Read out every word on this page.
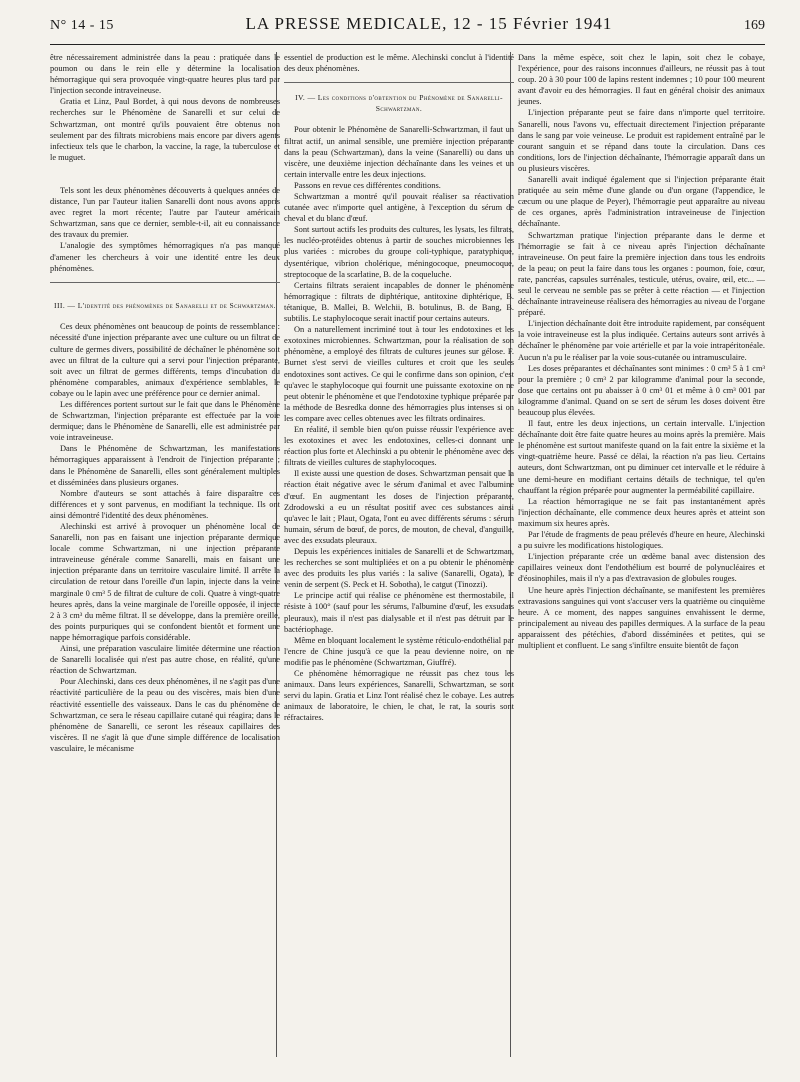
N° 14 - 15	LA PRESSE MEDICALE, 12 - 15 Février 1941	169

être nécessairement administrée dans la peau : pratiquée dans le poumon ou dans le rein elle y détermine la localisation hémorragique qui sera provoquée vingt-quatre heures plus tard par l'injection seconde intraveineuse.

Gratia et Linz, Paul Bordet, à qui nous devons de nombreuses recherches sur le Phénomène de Sanarelli et sur celui de Schwartzman, ont montré qu'ils pouvaient être obtenus non seulement par des filtrats microbiens mais encore par divers agents infectieux tels que le charbon, la vaccine, la rage, la tuberculose et le muguet.

Tels sont les deux phénomènes découverts à quelques années de distance, l'un par l'auteur italien Sanarelli dont nous avons appris avec regret la mort récente; l'autre par l'auteur américain Schwartzman, sans que ce dernier, semble-t-il, ait eu connaissance des travaux du premier.

L'analogie des symptômes hémorragiques n'a pas manqué d'amener les chercheurs à voir une identité entre les deux phénomènes.

III. — L'identité des phénomènes de Sanarelli et de Schwartzman.

Ces deux phénomènes ont beaucoup de points de ressemblance : nécessité d'une injection préparante avec une culture ou un filtrat de culture de germes divers, possibilité de déchaîner le phénomène soit avec un filtrat de la culture qui a servi pour l'injection préparante, soit avec un filtrat de germes différents, temps d'incubation du phénomène comparables, animaux d'expérience semblables, le cobaye ou le lapin avec une préférence pour ce dernier animal.

Les différences portent surtout sur le fait que dans le Phénomène de Schwartzman, l'injection préparante est effectuée par la voie dermique; dans le Phénomène de Sanarelli, elle est administrée par voie intraveineuse.

Dans le Phénomène de Schwartzman, les manifestations hémorragiques apparaissent à l'endroit de l'injection préparante ; dans le Phénomène de Sanarelli, elles sont généralement multiples et disséminées dans plusieurs organes.

Nombre d'auteurs se sont attachés à faire disparaître ces différences et y sont parvenus, en modifiant la technique. Ils ont ainsi démontré l'identité des deux phénomènes.

Alechinski est arrivé à provoquer un phénomène local de Sanarelli, non pas en faisant une injection préparante dermique locale comme Schwartzman, ni une injection préparante intraveineuse générale comme Sanarelli, mais en faisant une injection préparante dans un territoire vasculaire limité. Il arrête la circulation de retour dans l'oreille d'un lapin, injecte dans la veine marginale 0 cm³ 5 de filtrat de culture de coli. Quatre à vingt-quatre heures après, dans la veine marginale de l'oreille opposée, il injecte 2 à 3 cm³ du même filtrat. Il se développe, dans la première oreille, des points purpuriques qui se confondent bientôt et forment une nappe hémorragique parfois considérable.

Ainsi, une préparation vasculaire limitée détermine une réaction de Sanarelli localisée qui n'est pas autre chose, en réalité, qu'une réaction de Schwartzman.

Pour Alechinski, dans ces deux phénomènes, il ne s'agit pas d'une réactivité particulière de la peau ou des viscères, mais bien d'une réactivité essentielle des vaisseaux. Dans le cas du phénomène de Schwartzman, ce sera le réseau capillaire cutané qui réagira; dans le phénomène de Sanarelli, ce seront les réseaux capillaires des viscères. Il ne s'agit là que d'une simple différence de localisation vasculaire, le mécanisme

essentiel de production est le même. Alechinski conclut à l'identité des deux phénomènes.

IV. — Les conditions d'obtention du Phénomène de Sanarelli-Schwartzman.

Pour obtenir le Phénomène de Sanarelli-Schwartzman, il faut un filtrat actif, un animal sensible, une première injection préparante dans la peau (Schwartzman), dans la veine (Sanarelli) ou dans un viscère, une deuxième injection déchaînante dans les veines et un certain intervalle entre les deux injections.

Passons en revue ces différentes conditions.

Schwartzman a montré qu'il pouvait réaliser sa réactivation cutanée avec n'importe quel antigène, à l'exception du sérum de cheval et du blanc d'œuf.

Sont surtout actifs les produits des cultures, les lysats, les filtrats, les nucléo-protéides obtenus à partir de souches microbiennes les plus variées : microbes du groupe coli-typhique, paratyphique, dysentérique, vibrion cholérique, méningocoque, pneumocoque, streptocoque de la scarlatine, B. de la coqueluche.

Certains filtrats seraient incapables de donner le phénomène hémorragique : filtrats de diphtérique, antitoxine diphtérique, B. tétanique, B. Mallei, B. Welchii, B. botulinus, B. de Bang, B. subtilis. Le staphylocoque serait inactif pour certains auteurs.

On a naturellement incriminé tout à tour les endotoxines et les exotoxines microbiennes. Schwartzman, pour la réalisation de son phénomène, a employé des filtrats de cultures jeunes sur gélose. F. Burnet s'est servi de vieilles cultures et croit que les seules endotoxines sont actives. Ce qui le confirme dans son opinion, c'est qu'avec le staphylocoque qui fournit une puissante exotoxine on ne peut obtenir le phénomène et que l'endotoxine typhique préparée par la méthode de Besredka donne des hémorragies plus intenses si on les compare avec celles obtenues avec les filtrats ordinaires.

En réalité, il semble bien qu'on puisse réussir l'expérience avec les exotoxines et avec les endotoxines, celles-ci donnant une réaction plus forte et Alechinski a pu obtenir le phénomène avec des filtrats de vieilles cultures de staphylocoques.

Il existe aussi une question de doses. Schwartzman pensait que la réaction était négative avec le sérum d'animal et avec l'albumine d'œuf. En augmentant les doses de l'injection préparante, Zdrodowski a eu un résultat positif avec ces substances ainsi qu'avec le lait ; Plaut, Ogata, l'ont eu avec différents sérums : sérum humain, sérum de bœuf, de porcs, de mouton, de cheval, d'anguille, avec des exsudats pleuraux.

Depuis les expériences initiales de Sanarelli et de Schwartzman, les recherches se sont multipliées et on a pu obtenir le phénomène avec des produits les plus variés : la salive (Sanarelli, Ogata), le venin de serpent (S. Peck et H. Sobotha), le catgut (Tinozzi).

Le principe actif qui réalise ce phénomène est thermostabile, il résiste à 100° (sauf pour les sérums, l'albumine d'œuf, les exsudats pleuraux), mais il n'est pas dialysable et il n'est pas détruit par le bactériophage.

Même en bloquant localement le système réticulo-endothélial par l'encre de Chine jusqu'à ce que la peau devienne noire, on ne modifie pas le phénomène (Schwartzman, Giuffré).

Ce phénomène hémorragique ne réussit pas chez tous les animaux. Dans leurs expériences, Sanarelli, Schwartzman, se sont servi du lapin. Gratia et Linz l'ont réalisé chez le cobaye. Les autres animaux de laboratoire, le chien, le chat, le rat, la souris sont réfractaires.

Dans la même espèce, soit chez le lapin, soit chez le cobaye, l'expérience, pour des raisons inconnues d'ailleurs, ne réussit pas à tout coup. 20 à 30 pour 100 de lapins restent indemnes ; 10 pour 100 meurent avant d'avoir eu des hémorragies. Il faut en général choisir des animaux jeunes.

L'injection préparante peut se faire dans n'importe quel territoire. Sanarelli, nous l'avons vu, effectuait directement l'injection préparante dans le sang par voie veineuse. Le produit est rapidement entraîné par le courant sanguin et se répand dans toute la circulation. Dans ces conditions, lors de l'injection déchaînante, l'hémorragie apparaît dans un ou plusieurs viscères.

Sanarelli avait indiqué également que si l'injection préparante était pratiquée au sein même d'une glande ou d'un organe (l'appendice, le cæcum ou une plaque de Peyer), l'hémorragie peut apparaître au niveau de ces organes, après l'administration intraveineuse de l'injection déchaînante.

Schwartzman pratique l'injection préparante dans le derme et l'hémorragie se fait à ce niveau après l'injection déchaînante intraveineuse. On peut faire la première injection dans tous les endroits de la peau; on peut la faire dans tous les organes : poumon, foie, cœur, rate, pancréas, capsules surrénales, testicule, utérus, ovaire, œil, etc... — seul le cerveau ne semble pas se prêter à cette réaction — et l'injection déchaînante intraveineuse réalisera des hémorragies au niveau de l'organe préparé.

L'injection déchaînante doit être introduite rapidement, par conséquent la voie intraveineuse est la plus indiquée. Certains auteurs sont arrivés à déchaîner le phénomène par voie artérielle et par la voie intrapéritonéale. Aucun n'a pu le réaliser par la voie sous-cutanée ou intramusculaire.

Les doses préparantes et déchaînantes sont minimes : 0 cm³ 5 à 1 cm³ pour la première ; 0 cm³ 2 par kilogramme d'animal pour la seconde, dose que certains ont pu abaisser à 0 cm³ 01 et même à 0 cm³ 001 par kilogramme d'animal. Quand on se sert de sérum les doses doivent être beaucoup plus élevées.

Il faut, entre les deux injections, un certain intervalle. L'injection déchaînante doit être faite quatre heures au moins après la première. Mais le phénomène est surtout manifeste quand on la fait entre la sixième et la vingt-quatrième heure. Passé ce délai, la réaction n'a pas lieu. Certains auteurs, dont Schwartzman, ont pu diminuer cet intervalle et le réduire à une demi-heure en modifiant certains détails de technique, tel qu'en chauffant la région préparée pour augmenter la perméabilité capillaire.

La réaction hémorragique ne se fait pas instantanément après l'injection déchaînante, elle commence deux heures après et atteint son maximum six heures après.

Par l'étude de fragments de peau prélevés d'heure en heure, Alechinski a pu suivre les modifications histologiques.

L'injection préparante crée un œdème banal avec distension des capillaires veineux dont l'endothélium est bourré de polynucléaires et d'éosinophiles, mais il n'y a pas d'extravasion de globules rouges.

Une heure après l'injection déchaînante, se manifestent les premières extravasions sanguines qui vont s'accuser vers la quatrième ou cinquième heure. A ce moment, des nappes sanguines envahissent le derme, principalement au niveau des papilles dermiques. A la surface de la peau apparaissent des pétéchies, d'abord disséminées et petites, qui se multiplient et confluent. Le sang s'infiltre ensuite bientôt de façon
